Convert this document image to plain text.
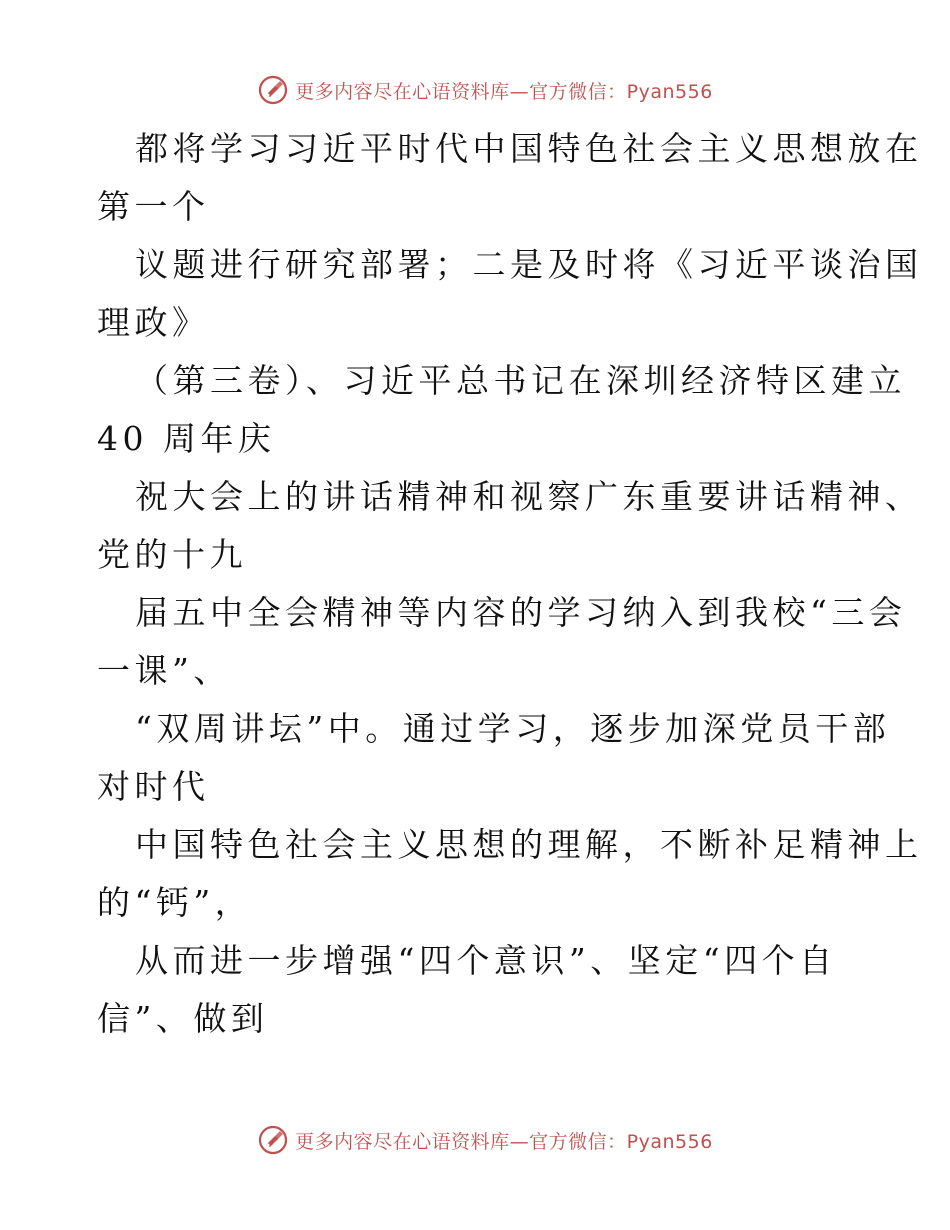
更多内容尽在心语资料库—官方微信：Pyan556
都将学习习近平时代中国特色社会主义思想放在
第一个
议题进行研究部署；二是及时将《习近平谈治国
理政》
（第三卷）、习近平总书记在深圳经济特区建立
40 周年庆
祝大会上的讲话精神和视察广东重要讲话精神、
党的十九
届五中全会精神等内容的学习纳入到我校“三会
一课”、
“双周讲坛”中。通过学习，逐步加深党员干部
对时代
中国特色社会主义思想的理解，不断补足精神上
的“钙”，
从而进一步增强“四个意识”、坚定“四个自
信”、做到
更多内容尽在心语资料库—官方微信：Pyan556
